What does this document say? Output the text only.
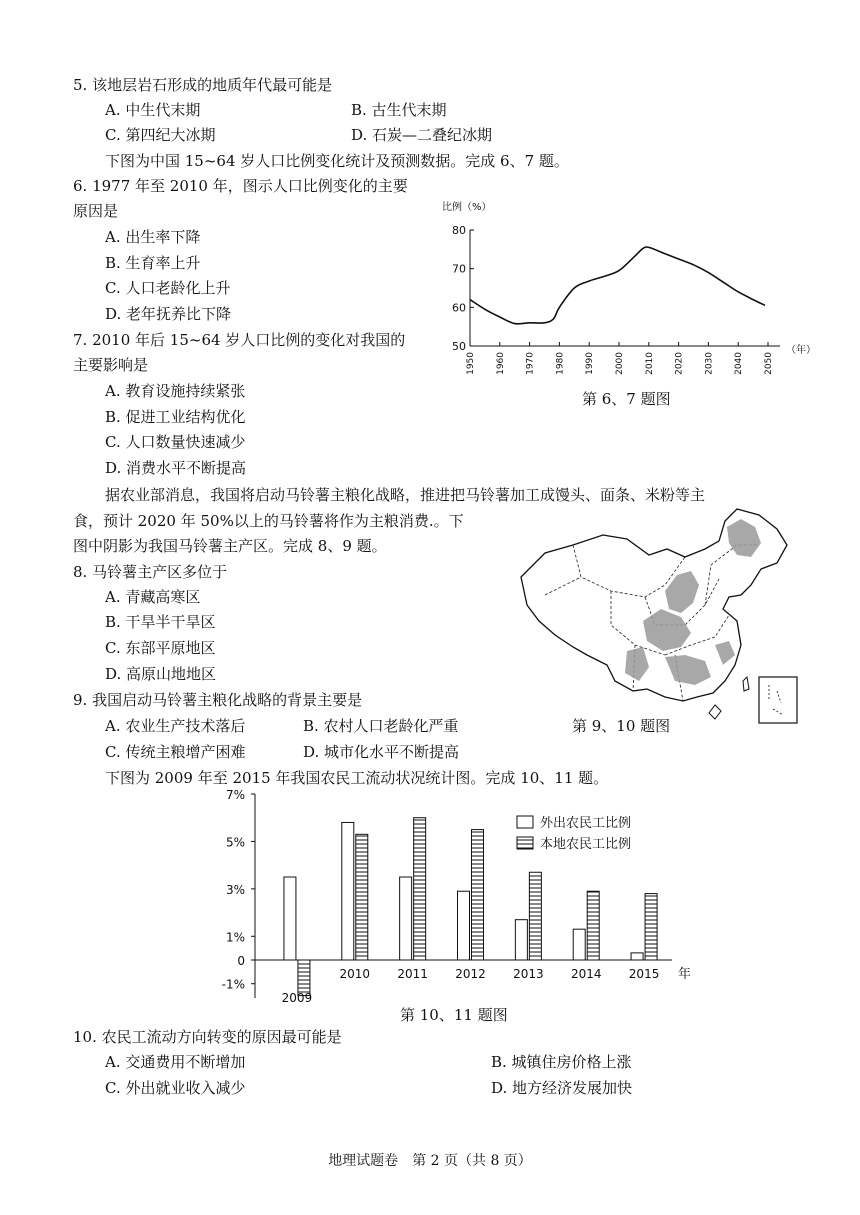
5. 该地层岩石形成的地质年代最可能是
A. 中生代末期	B. 古生代末期
C. 第四纪大冰期	D. 石炭—二叠纪冰期
下图为中国 15~64 岁人口比例变化统计及预测数据。完成 6、7 题。
6. 1977 年至 2010 年，图示人口比例变化的主要
原因是
A. 出生率下降
B. 生育率上升
C. 人口老龄化上升
D. 老年抚养比下降
7. 2010 年后 15~64 岁人口比例的变化对我国的
主要影响是
A. 教育设施持续紧张
B. 促进工业结构优化
C. 人口数量快速减少
D. 消费水平不断提高
比例（%）
80
70
60
50
1950 1960 1970 1980 1990 2000 2010 2020 2030 2040 2050
（年）
第 6、7 题图
据农业部消息，我国将启动马铃薯主粮化战略，推进把马铃薯加工成馒头、面条、米粉等主
食，预计 2020 年 50%以上的马铃薯将作为主粮消费.。下
图中阴影为我国马铃薯主产区。完成 8、9 题。
8. 马铃薯主产区多位于
A. 青藏高寒区
B. 干旱半干旱区
C. 东部平原地区
D. 高原山地地区
9. 我国启动马铃薯主粮化战略的背景主要是
A. 农业生产技术落后	B. 农村人口老龄化严重
C. 传统主粮增产困难	D. 城市化水平不断提高
第 9、10 题图
下图为 2009 年至 2015 年我国农民工流动状况统计图。完成 10、11 题。
7%
5%
3%
1%
0
-1%
2009
2010 2011 2012 2013 2014 2015 年
外出农民工比例
本地农民工比例
第 10、11 题图
10. 农民工流动方向转变的原因最可能是
A. 交通费用不断增加	B. 城镇住房价格上涨
C. 外出就业收入减少	D. 地方经济发展加快
地理试题卷　第 2 页（共 8 页）
